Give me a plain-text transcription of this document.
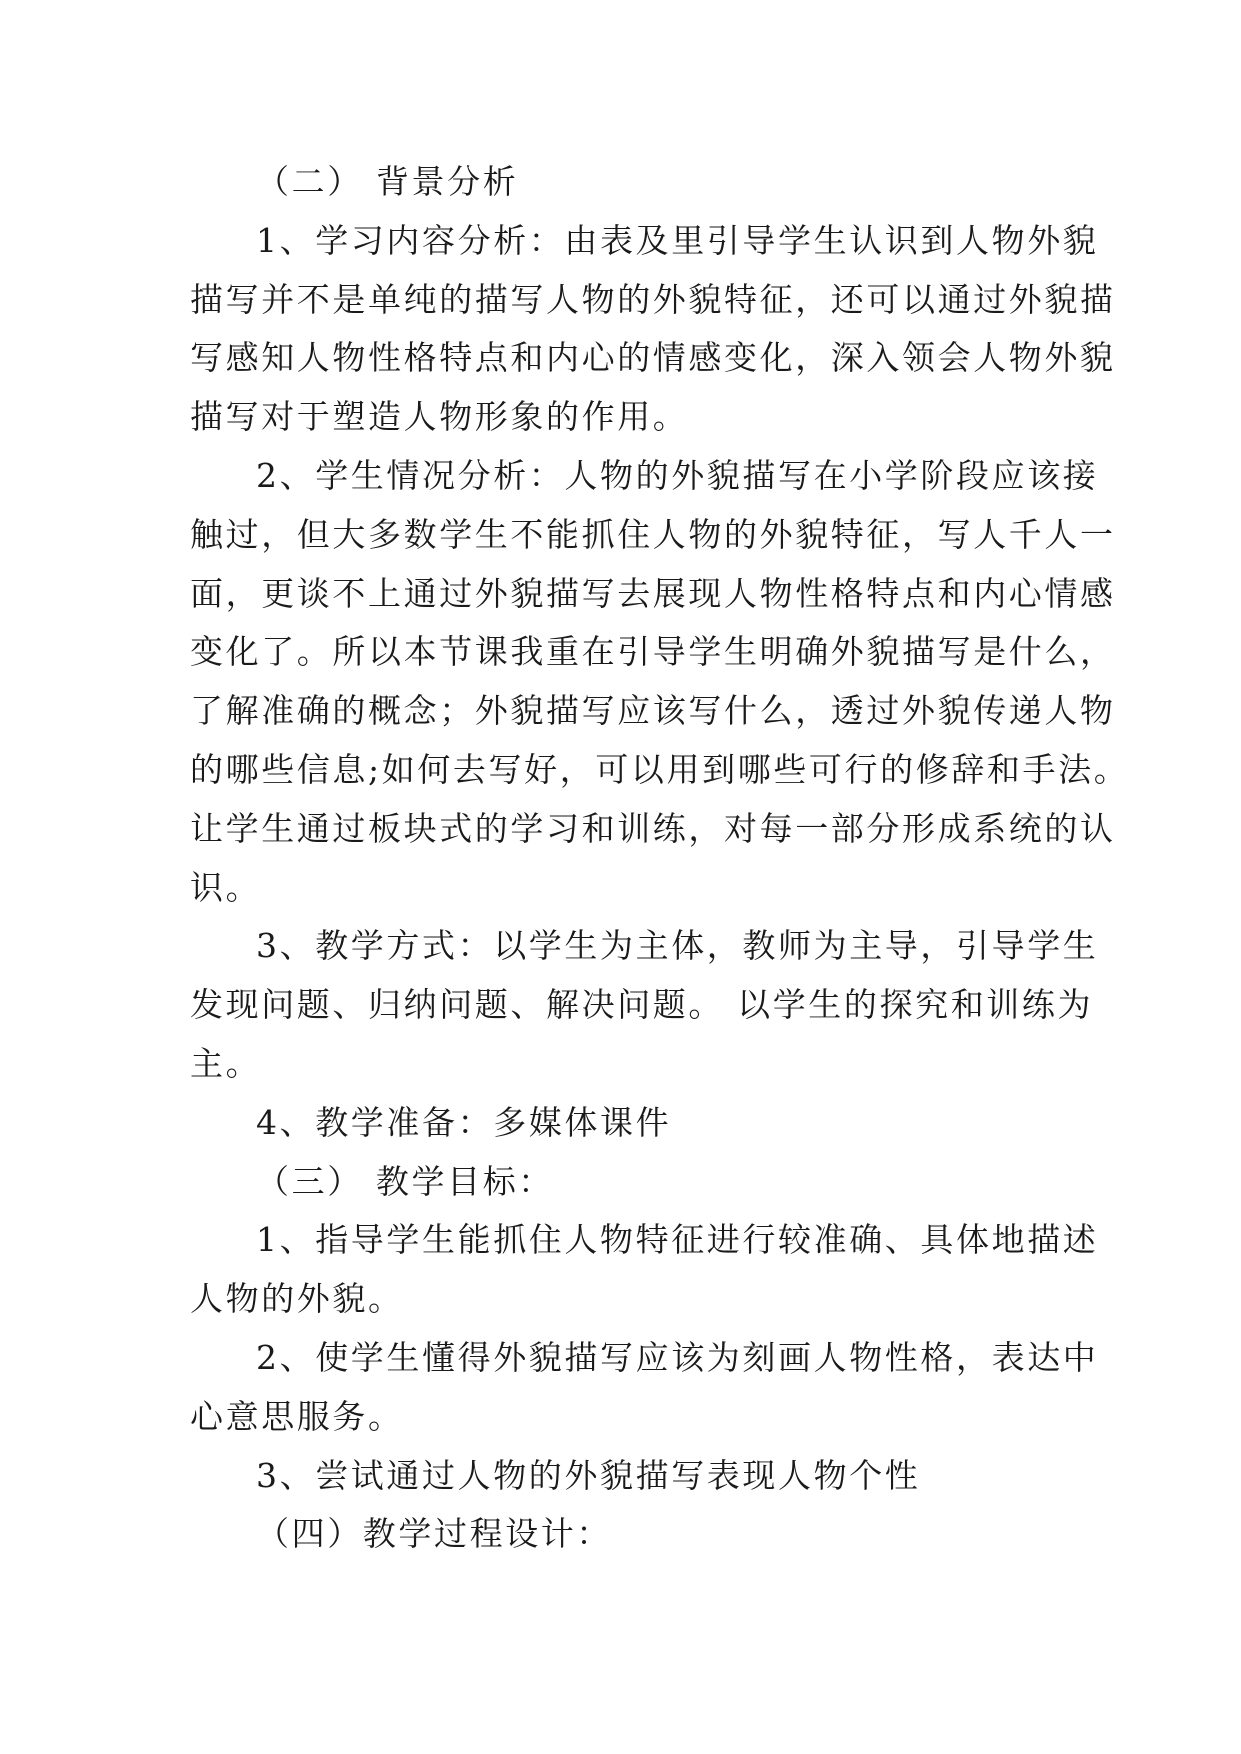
（二） 背景分析

1、学习内容分析：由表及里引导学生认识到人物外貌

描写并不是单纯的描写人物的外貌特征，还可以通过外貌描

写感知人物性格特点和内心的情感变化，深入领会人物外貌

描写对于塑造人物形象的作用。

2、学生情况分析：人物的外貌描写在小学阶段应该接

触过，但大多数学生不能抓住人物的外貌特征，写人千人一

面，更谈不上通过外貌描写去展现人物性格特点和内心情感

变化了。所以本节课我重在引导学生明确外貌描写是什么，

了解准确的概念；外貌描写应该写什么，透过外貌传递人物

的哪些信息;如何去写好，可以用到哪些可行的修辞和手法。

让学生通过板块式的学习和训练，对每一部分形成系统的认

识。

3、教学方式：以学生为主体，教师为主导，引导学生

发现问题、归纳问题、解决问题。 以学生的探究和训练为

主。

4、教学准备：多媒体课件

（三） 教学目标：

1、指导学生能抓住人物特征进行较准确、具体地描述

人物的外貌。

2、使学生懂得外貌描写应该为刻画人物性格，表达中

心意思服务。

3、尝试通过人物的外貌描写表现人物个性

（四）教学过程设计：
